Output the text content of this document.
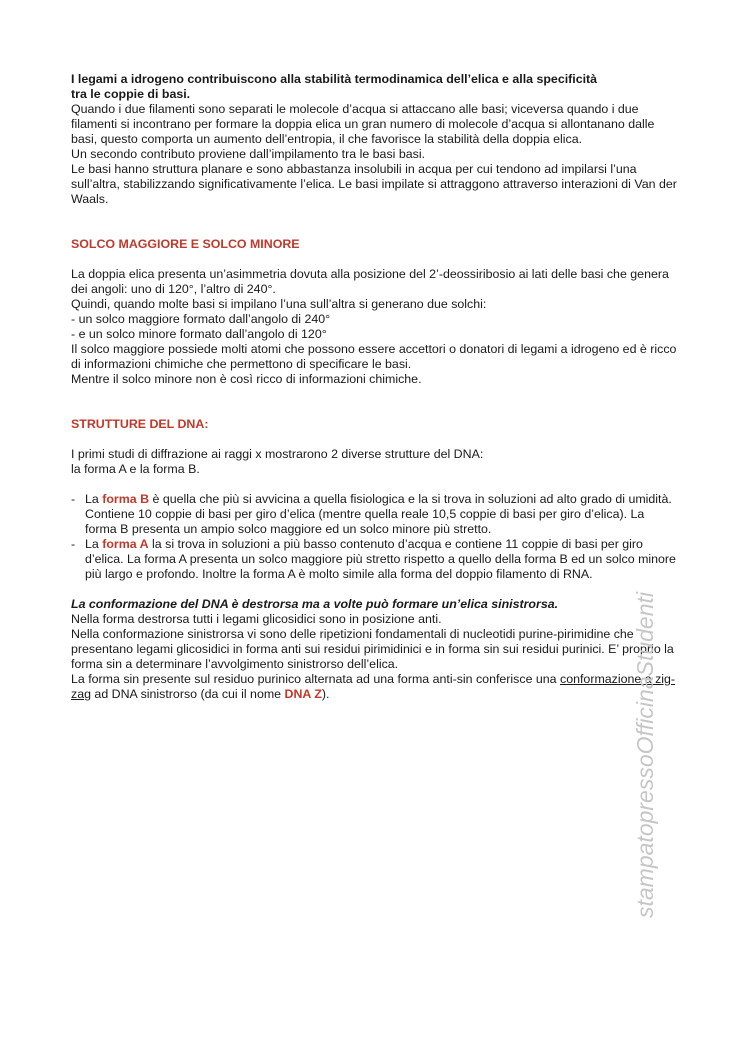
I legami a idrogeno contribuiscono alla stabilità termodinamica dell’elica e alla specificità
tra le coppie di basi.

Quando i due filamenti sono separati le molecole d’acqua si attaccano alle basi; viceversa quando i due filamenti si incontrano per formare la doppia elica un gran numero di molecole d’acqua si allontanano dalle basi, questo comporta un aumento dell’entropia, il che favorisce la stabilità della doppia elica.

Un secondo contributo proviene dall’impilamento tra le basi basi.

Le basi hanno struttura planare e sono abbastanza insolubili in acqua per cui tendono ad impilarsi l’una sull’altra, stabilizzando significativamente l’elica. Le basi impilate si attraggono attraverso interazioni di Van der Waals.

SOLCO MAGGIORE E SOLCO MINORE

La doppia elica presenta un’asimmetria dovuta alla posizione del 2’-deossiribosio ai lati delle basi che genera dei angoli: uno di 120°, l’altro di 240°.

Quindi, quando molte basi si impilano l’una sull’altra si generano due solchi:

- un solco maggiore formato dall’angolo di 240°

- e un solco minore formato dall’angolo di 120°

Il solco maggiore possiede molti atomi che possono essere accettori o donatori di legami a idrogeno ed è ricco di informazioni chimiche che permettono di specificare le basi.

Mentre il solco minore non è così ricco di informazioni chimiche.

STRUTTURE DEL DNA:

I primi studi di diffrazione ai raggi x mostrarono 2 diverse strutture del DNA:

la forma A e la forma B.

- La forma B è quella che più si avvicina a quella fisiologica e la si trova in soluzioni ad alto grado di umidità. Contiene 10 coppie di basi per giro d’elica (mentre quella reale 10,5 coppie di basi per giro d’elica). La forma B presenta un ampio solco maggiore ed un solco minore più stretto.
- La forma A la si trova in soluzioni a più basso contenuto d’acqua e contiene 11 coppie di basi per giro d’elica. La forma A presenta un solco maggiore più stretto rispetto a quello della forma B ed un solco minore più largo e profondo. Inoltre la forma A è molto simile alla forma del doppio filamento di RNA.

La conformazione del DNA è destrorsa ma a volte può formare un’elica sinistrorsa.

Nella forma destrorsa tutti i legami glicosidici sono in posizione anti.

Nella conformazione sinistrorsa vi sono delle ripetizioni fondamentali di nucleotidi purine-pirimidine che presentano legami glicosidici in forma anti sui residui pirimidinici e in forma sin sui residui purinici. E’ proprio la forma sin a determinare l’avvolgimento sinistrorso dell’elica.

La forma sin presente sul residuo purinico alternata ad una forma anti-sin conferisce una conformazione a zig-zag ad DNA sinistrorso (da cui il nome DNA Z).	stampatopressoOfficinaStudenti
